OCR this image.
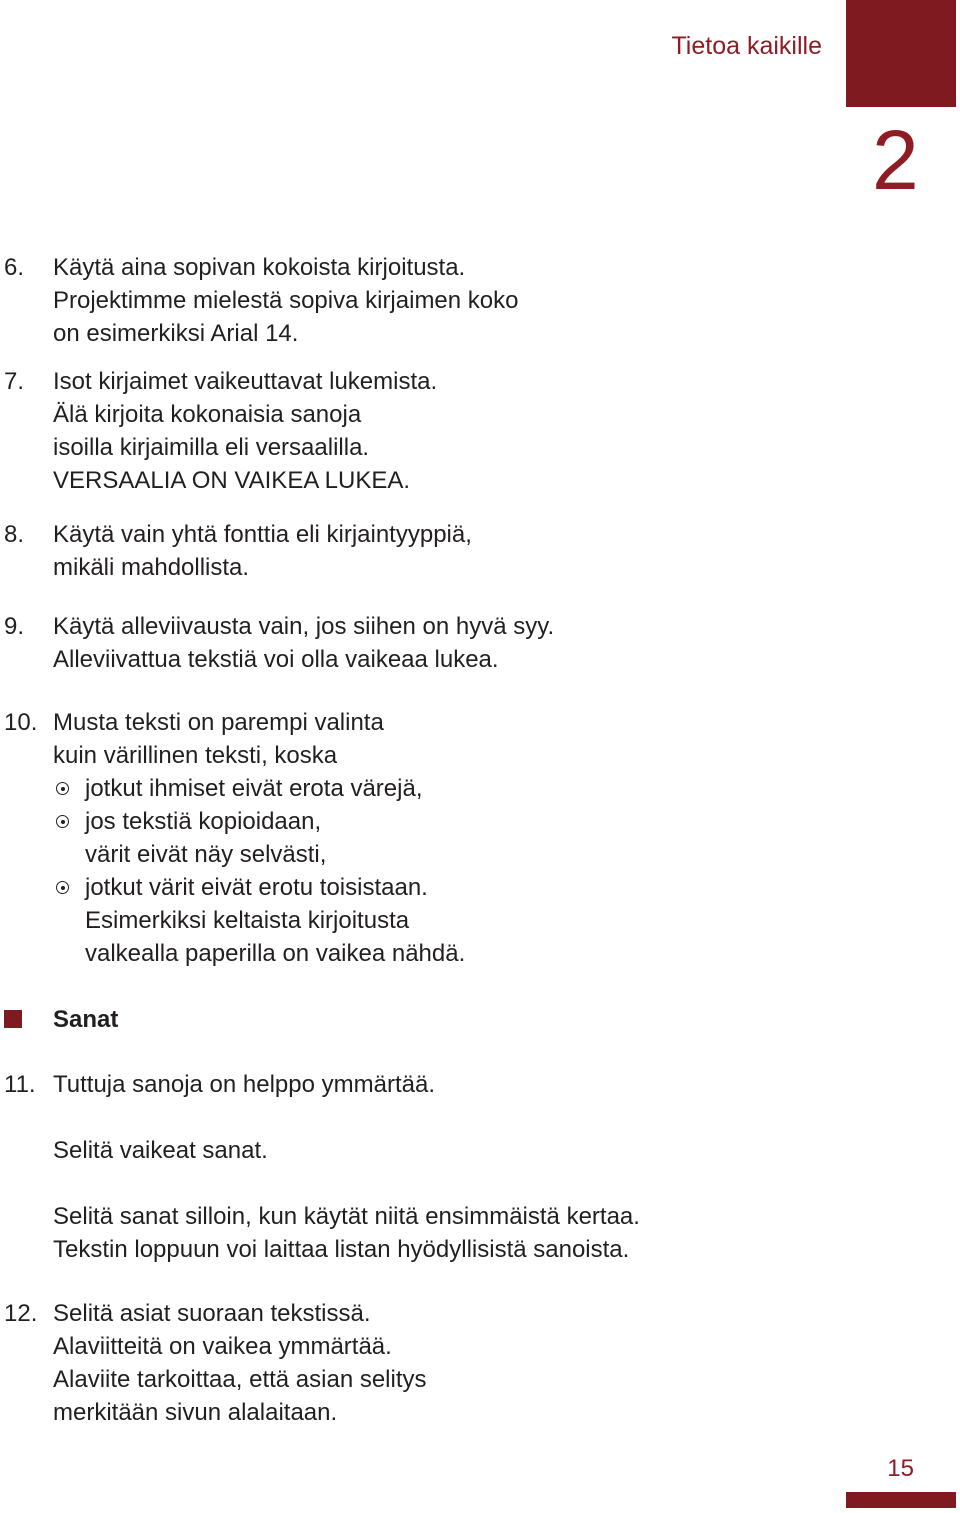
Tietoa kaikille
2
6. Käytä aina sopivan kokoista kirjoitusta.
Projektimme mielestä sopiva kirjaimen koko
on esimerkiksi Arial 14.
7. Isot kirjaimet vaikeuttavat lukemista.
Älä kirjoita kokonaisia sanoja
isoilla kirjaimilla eli versaalilla.
VERSAALIA ON VAIKEA LUKEA.
8. Käytä vain yhtä fonttia eli kirjaintyyppiä,
mikäli mahdollista.
9. Käytä alleviivausta vain, jos siihen on hyvä syy.
Alleviivattua tekstiä voi olla vaikeaa lukea.
10. Musta teksti on parempi valinta
kuin värillinen teksti, koska
jotkut ihmiset eivät erota värejä,
jos tekstiä kopioidaan,
värit eivät näy selvästi,
jotkut värit eivät erotu toisistaan.
Esimerkiksi keltaista kirjoitusta
valkealla paperilla on vaikea nähdä.
Sanat
11. Tuttuja sanoja on helppo ymmärtää.
Selitä vaikeat sanat.
Selitä sanat silloin, kun käytät niitä ensimmäistä kertaa.
Tekstin loppuun voi laittaa listan hyödyllisistä sanoista.
12. Selitä asiat suoraan tekstissä.
Alaviitteitä on vaikea ymmärtää.
Alaviite tarkoittaa, että asian selitys
merkitään sivun alalaitaan.
15
